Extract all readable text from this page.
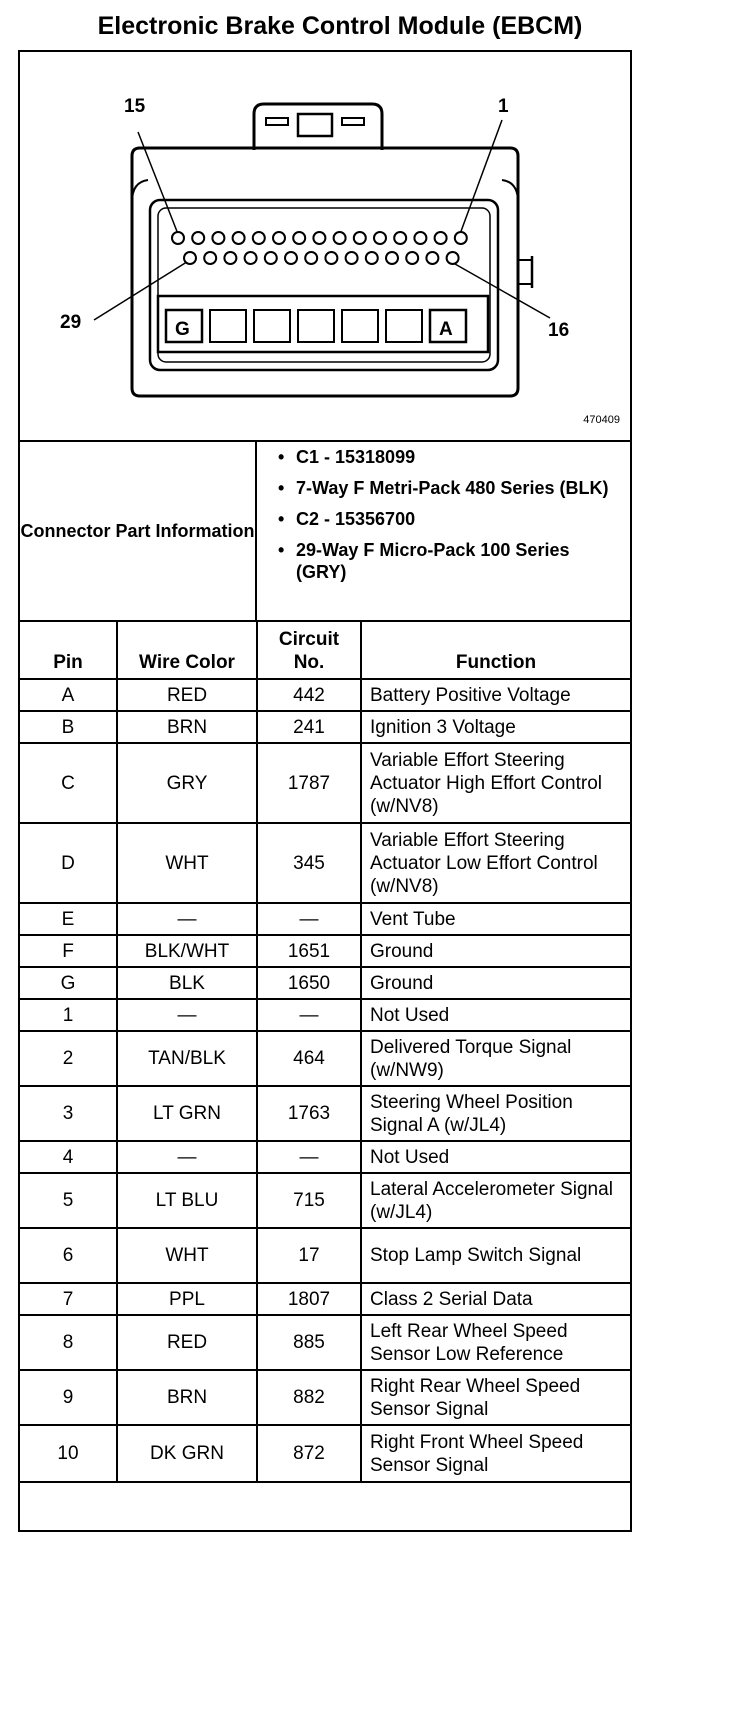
Electronic Brake Control Module (EBCM)
15	1
29	16
G	A
470409
Connector Part Information
• C1 - 15318099
• 7-Way F Metri-Pack 480 Series (BLK)
• C2 - 15356700
• 29-Way F Micro-Pack 100 Series (GRY)
Pin	Wire Color	Circuit No.	Function
A	RED	442	Battery Positive Voltage
B	BRN	241	Ignition 3 Voltage
C	GRY	1787	Variable Effort Steering Actuator High Effort Control (w/NV8)
D	WHT	345	Variable Effort Steering Actuator Low Effort Control (w/NV8)
E	—	—	Vent Tube
F	BLK/WHT	1651	Ground
G	BLK	1650	Ground
1	—	—	Not Used
2	TAN/BLK	464	Delivered Torque Signal (w/NW9)
3	LT GRN	1763	Steering Wheel Position Signal A (w/JL4)
4	—	—	Not Used
5	LT BLU	715	Lateral Accelerometer Signal (w/JL4)
6	WHT	17	Stop Lamp Switch Signal
7	PPL	1807	Class 2 Serial Data
8	RED	885	Left Rear Wheel Speed Sensor Low Reference
9	BRN	882	Right Rear Wheel Speed Sensor Signal
10	DK GRN	872	Right Front Wheel Speed Sensor Signal
